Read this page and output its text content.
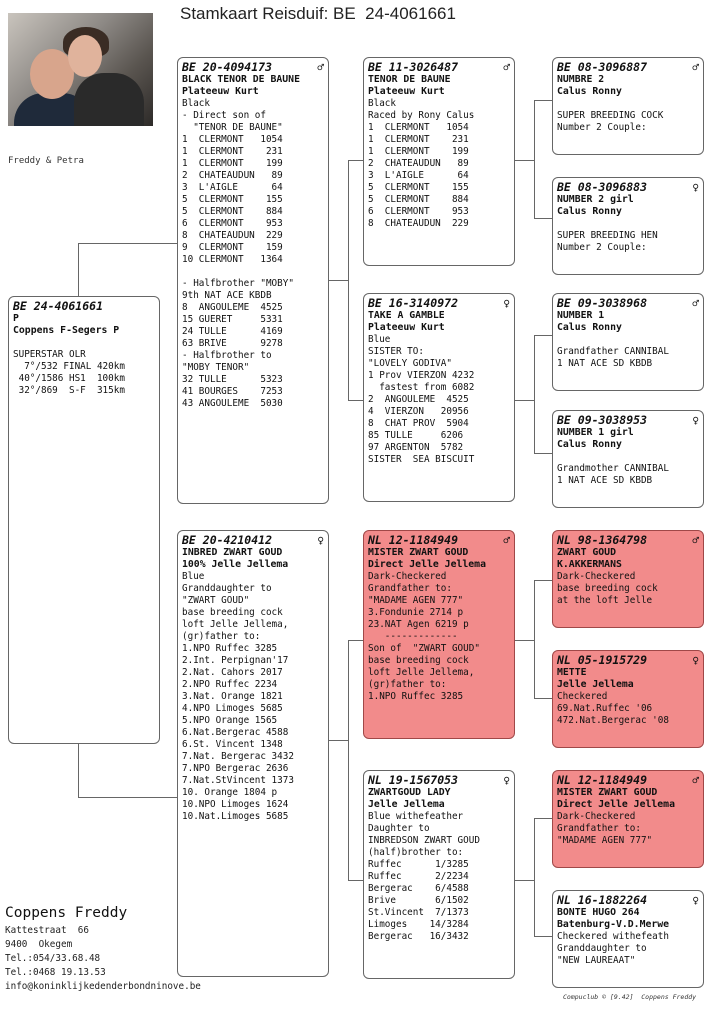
Stamkaart Reisduif: BE  24-4061661
Freddy & Petra
BE 24-4061661
P
Coppens F-Segers P
SUPERSTAR OLR
7°/532 FINAL 420km
40°/1586 HS1  100km
32°/869  S-F  315km
BE 20-4094173	♂
BLACK TENOR DE BAUNE
Plateeuw Kurt
Black
- Direct son of
"TENOR DE BAUNE"
1  CLERMONT   1054
1  CLERMONT    231
1  CLERMONT    199
2  CHATEAUDUN   89
3  L'AIGLE      64
5  CLERMONT    155
5  CLERMONT    884
6  CLERMONT    953
8  CHATEAUDUN  229
9  CLERMONT    159
10 CLERMONT   1364
- Halfbrother "MOBY"
9th NAT ACE KBDB
8  ANGOULEME  4525
15 GUERET     5331
24 TULLE      4169
63 BRIVE      9278
- Halfbrother to
"MOBY TENOR"
32 TULLE      5323
41 BOURGES    7253
43 ANGOULEME  5030
BE 20-4210412	♀
INBRED ZWART GOUD
100% Jelle Jellema
Blue
Granddaughter to
"ZWART GOUD"
base breeding cock
loft Jelle Jellema,
(gr)father to:
1.NPO Ruffec 3285
2.Int. Perpignan'17
2.Nat. Cahors 2017
2.NPO Ruffec 2234
3.Nat. Orange 1821
4.NPO Limoges 5685
5.NPO Orange 1565
6.Nat.Bergerac 4588
6.St. Vincent 1348
7.Nat. Bergerac 3432
7.NPO Bergerac 2636
7.Nat.StVincent 1373
10. Orange 1804 p
10.NPO Limoges 1624
10.Nat.Limoges 5685
BE 11-3026487	♂
TENOR DE BAUNE
Plateeuw Kurt
Black
Raced by Rony Calus
1  CLERMONT   1054
1  CLERMONT    231
1  CLERMONT    199
2  CHATEAUDUN   89
3  L'AIGLE      64
5  CLERMONT    155
5  CLERMONT    884
6  CLERMONT    953
8  CHATEAUDUN  229
BE 16-3140972	♀
TAKE A GAMBLE
Plateeuw Kurt
Blue
SISTER TO:
"LOVELY GODIVA"
1 Prov VIERZON 4232
fastest from 6082
2  ANGOULEME  4525
4  VIERZON   20956
8  CHAT PROV  5904
85 TULLE     6206
97 ARGENTON  5782
SISTER  SEA BISCUIT
NL 12-1184949	♂
MISTER ZWART GOUD
Direct Jelle Jellema
Dark-Checkered
Grandfather to:
"MADAME AGEN 777"
3.Fondunie 2714 p
23.NAT Agen 6219 p
-------------
Son of  "ZWART GOUD"
base breeding cock
loft Jelle Jellema,
(gr)father to:
1.NPO Ruffec 3285
NL 19-1567053	♀
ZWARTGOUD LADY
Jelle Jellema
Blue withefeather
Daughter to
INBREDSON ZWART GOUD
(half)brother to:
Ruffec      1/3285
Ruffec      2/2234
Bergerac    6/4588
Brive       6/1502
St.Vincent  7/1373
Limoges    14/3284
Bergerac   16/3432
BE 08-3096887	♂
NUMBRE 2
Calus Ronny
SUPER BREEDING COCK
Number 2 Couple:
BE 08-3096883	♀
NUMBER 2 girl
Calus Ronny
SUPER BREEDING HEN
Number 2 Couple:
BE 09-3038968	♂
NUMBER 1
Calus Ronny
Grandfather CANNIBAL
1 NAT ACE SD KBDB
BE 09-3038953	♀
NUMBER 1 girl
Calus Ronny
Grandmother CANNIBAL
1 NAT ACE SD KBDB
NL 98-1364798	♂
ZWART GOUD
K.AKKERMANS
Dark-Checkered
base breeding cock
at the loft Jelle
NL 05-1915729	♀
METTE
Jelle Jellema
Checkered
69.Nat.Ruffec '06
472.Nat.Bergerac '08
NL 12-1184949	♂
MISTER ZWART GOUD
Direct Jelle Jellema
Dark-Checkered
Grandfather to:
"MADAME AGEN 777"
NL 16-1882264	♀
BONTE HUGO 264
Batenburg-V.D.Merwe
Checkered withefeath
Granddaughter to
"NEW LAUREAAT"
Coppens Freddy
Kattestraat  66
9400  Okegem
Tel.:054/33.68.48
Tel.:0468 19.13.53
info@koninklijkedenderbondninove.be
Compuclub © [9.42]  Coppens Freddy
